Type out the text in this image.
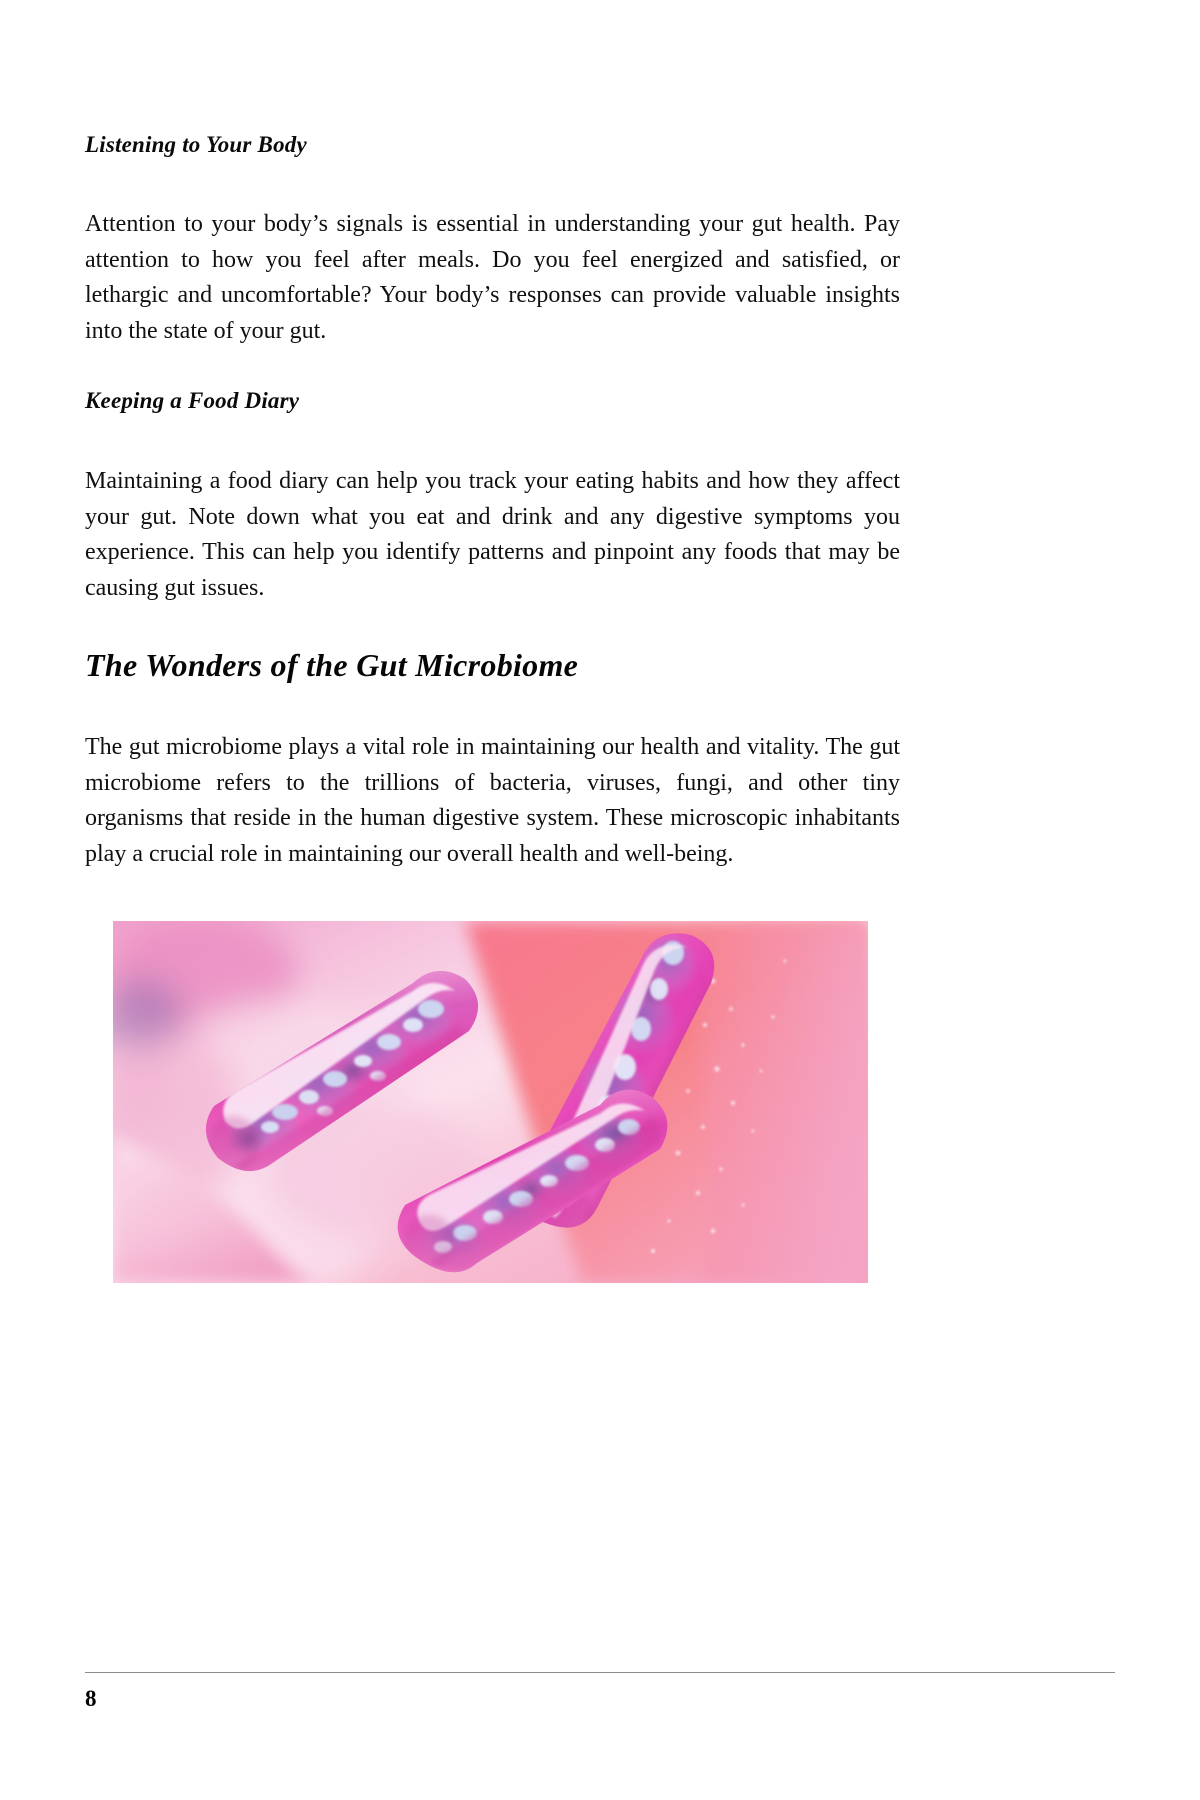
Listening to Your Body

Attention to your body’s signals is essential in understanding your gut health. Pay attention to how you feel after meals. Do you feel energized and satisfied, or lethargic and uncomfortable? Your body’s responses can provide valuable insights into the state of your gut.

Keeping a Food Diary

Maintaining a food diary can help you track your eating habits and how they affect your gut. Note down what you eat and drink and any digestive symptoms you experience. This can help you identify patterns and pinpoint any foods that may be causing gut issues.

The Wonders of the Gut Microbiome

The gut microbiome plays a vital role in maintaining our health and vitality. The gut microbiome refers to the trillions of bacteria, viruses, fungi, and other tiny organisms that reside in the human digestive system. These microscopic inhabitants play a crucial role in maintaining our overall health and well-being.

8
